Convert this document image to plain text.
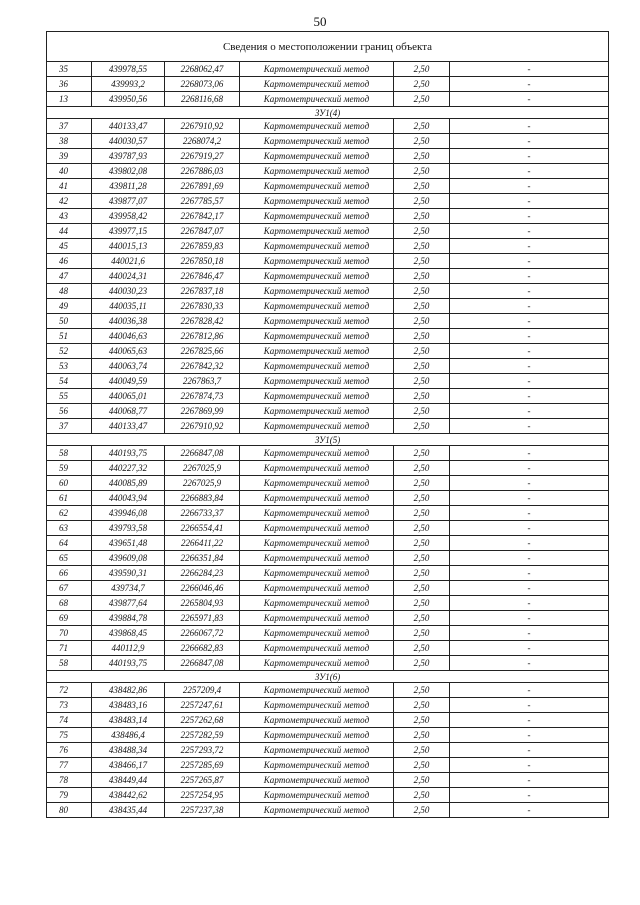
50
Сведения о местоположении границ объекта					
35	439978,55	2268062,47	Картометрический метод	2,50	-
36	439993,2	2268073,06	Картометрический метод	2,50	-
13	439950,56	2268116,68	Картометрический метод	2,50	-
ЗУ1(4)					
37	440133,47	2267910,92	Картометрический метод	2,50	-
38	440030,57	2268074,2	Картометрический метод	2,50	-
39	439787,93	2267919,27	Картометрический метод	2,50	-
40	439802,08	2267886,03	Картометрический метод	2,50	-
41	439811,28	2267891,69	Картометрический метод	2,50	-
42	439877,07	2267785,57	Картометрический метод	2,50	-
43	439958,42	2267842,17	Картометрический метод	2,50	-
44	439977,15	2267847,07	Картометрический метод	2,50	-
45	440015,13	2267859,83	Картометрический метод	2,50	-
46	440021,6	2267850,18	Картометрический метод	2,50	-
47	440024,31	2267846,47	Картометрический метод	2,50	-
48	440030,23	2267837,18	Картометрический метод	2,50	-
49	440035,11	2267830,33	Картометрический метод	2,50	-
50	440036,38	2267828,42	Картометрический метод	2,50	-
51	440046,63	2267812,86	Картометрический метод	2,50	-
52	440065,63	2267825,66	Картометрический метод	2,50	-
53	440063,74	2267842,32	Картометрический метод	2,50	-
54	440049,59	2267863,7	Картометрический метод	2,50	-
55	440065,01	2267874,73	Картометрический метод	2,50	-
56	440068,77	2267869,99	Картометрический метод	2,50	-
37	440133,47	2267910,92	Картометрический метод	2,50	-
ЗУ1(5)					
58	440193,75	2266847,08	Картометрический метод	2,50	-
59	440227,32	2267025,9	Картометрический метод	2,50	-
60	440085,89	2267025,9	Картометрический метод	2,50	-
61	440043,94	2266883,84	Картометрический метод	2,50	-
62	439946,08	2266733,37	Картометрический метод	2,50	-
63	439793,58	2266554,41	Картометрический метод	2,50	-
64	439651,48	2266411,22	Картометрический метод	2,50	-
65	439609,08	2266351,84	Картометрический метод	2,50	-
66	439590,31	2266284,23	Картометрический метод	2,50	-
67	439734,7	2266046,46	Картометрический метод	2,50	-
68	439877,64	2265804,93	Картометрический метод	2,50	-
69	439884,78	2265971,83	Картометрический метод	2,50	-
70	439868,45	2266067,72	Картометрический метод	2,50	-
71	440112,9	2266682,83	Картометрический метод	2,50	-
58	440193,75	2266847,08	Картометрический метод	2,50	-
ЗУ1(6)					
72	438482,86	2257209,4	Картометрический метод	2,50	-
73	438483,16	2257247,61	Картометрический метод	2,50	-
74	438483,14	2257262,68	Картометрический метод	2,50	-
75	438486,4	2257282,59	Картометрический метод	2,50	-
76	438488,34	2257293,72	Картометрический метод	2,50	-
77	438466,17	2257285,69	Картометрический метод	2,50	-
78	438449,44	2257265,87	Картометрический метод	2,50	-
79	438442,62	2257254,95	Картометрический метод	2,50	-
80	438435,44	2257237,38	Картометрический метод	2,50	-
